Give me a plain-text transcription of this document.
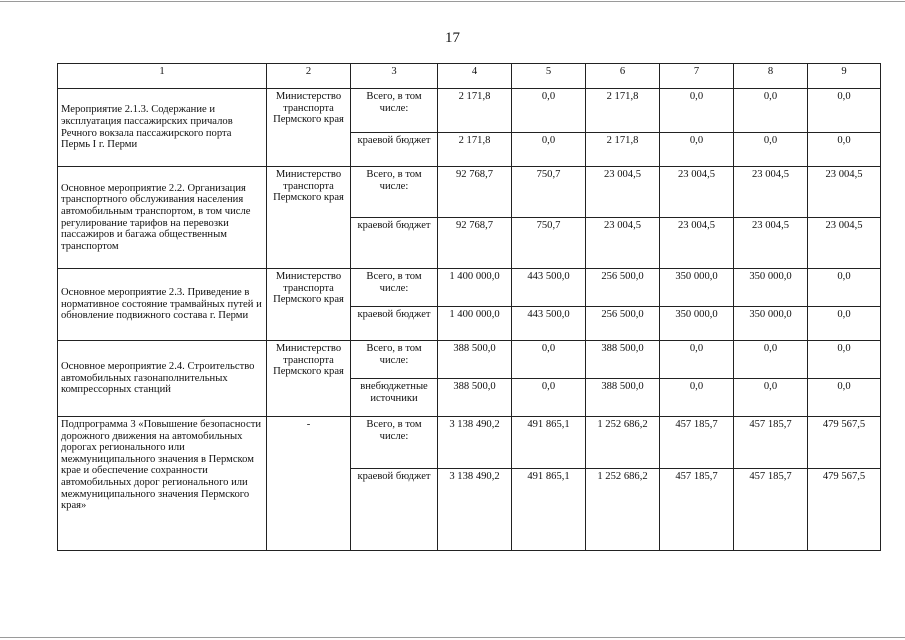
17
1	2	3	4	5	6	7	8	9
Мероприятие 2.1.3. Содержание и эксплуатация пассажирских причалов Речного вокзала пассажирского порта Пермь I г. Перми	Министерство транспорта Пермского края	Всего, в том числе:	2 171,8	0,0	2 171,8	0,0	0,0	0,0
		краевой бюджет	2 171,8	0,0	2 171,8	0,0	0,0	0,0
Основное мероприятие 2.2. Организация транспортного обслуживания населения автомобильным транспортом, в том числе регулирование тарифов на перевозки пассажиров и багажа общественным транспортом	Министерство транспорта Пермского края	Всего, в том числе:	92 768,7	750,7	23 004,5	23 004,5	23 004,5	23 004,5
		краевой бюджет	92 768,7	750,7	23 004,5	23 004,5	23 004,5	23 004,5
Основное мероприятие 2.3. Приведение в нормативное состояние трамвайных путей и обновление подвижного состава г. Перми	Министерство транспорта Пермского края	Всего, в том числе:	1 400 000,0	443 500,0	256 500,0	350 000,0	350 000,0	0,0
		краевой бюджет	1 400 000,0	443 500,0	256 500,0	350 000,0	350 000,0	0,0
Основное мероприятие 2.4. Строительство автомобильных газонаполнительных компрессорных станций	Министерство транспорта Пермского края	Всего, в том числе:	388 500,0	0,0	388 500,0	0,0	0,0	0,0
		внебюджетные источники	388 500,0	0,0	388 500,0	0,0	0,0	0,0
Подпрограмма 3 «Повышение безопасности дорожного движения на автомобильных дорогах регионального или межмуниципального значения в Пермском крае и обеспечение сохранности автомобильных дорог регионального или межмуниципального значения Пермского края»	-	Всего, в том числе:	3 138 490,2	491 865,1	1 252 686,2	457 185,7	457 185,7	479 567,5
		краевой бюджет	3 138 490,2	491 865,1	1 252 686,2	457 185,7	457 185,7	479 567,5
